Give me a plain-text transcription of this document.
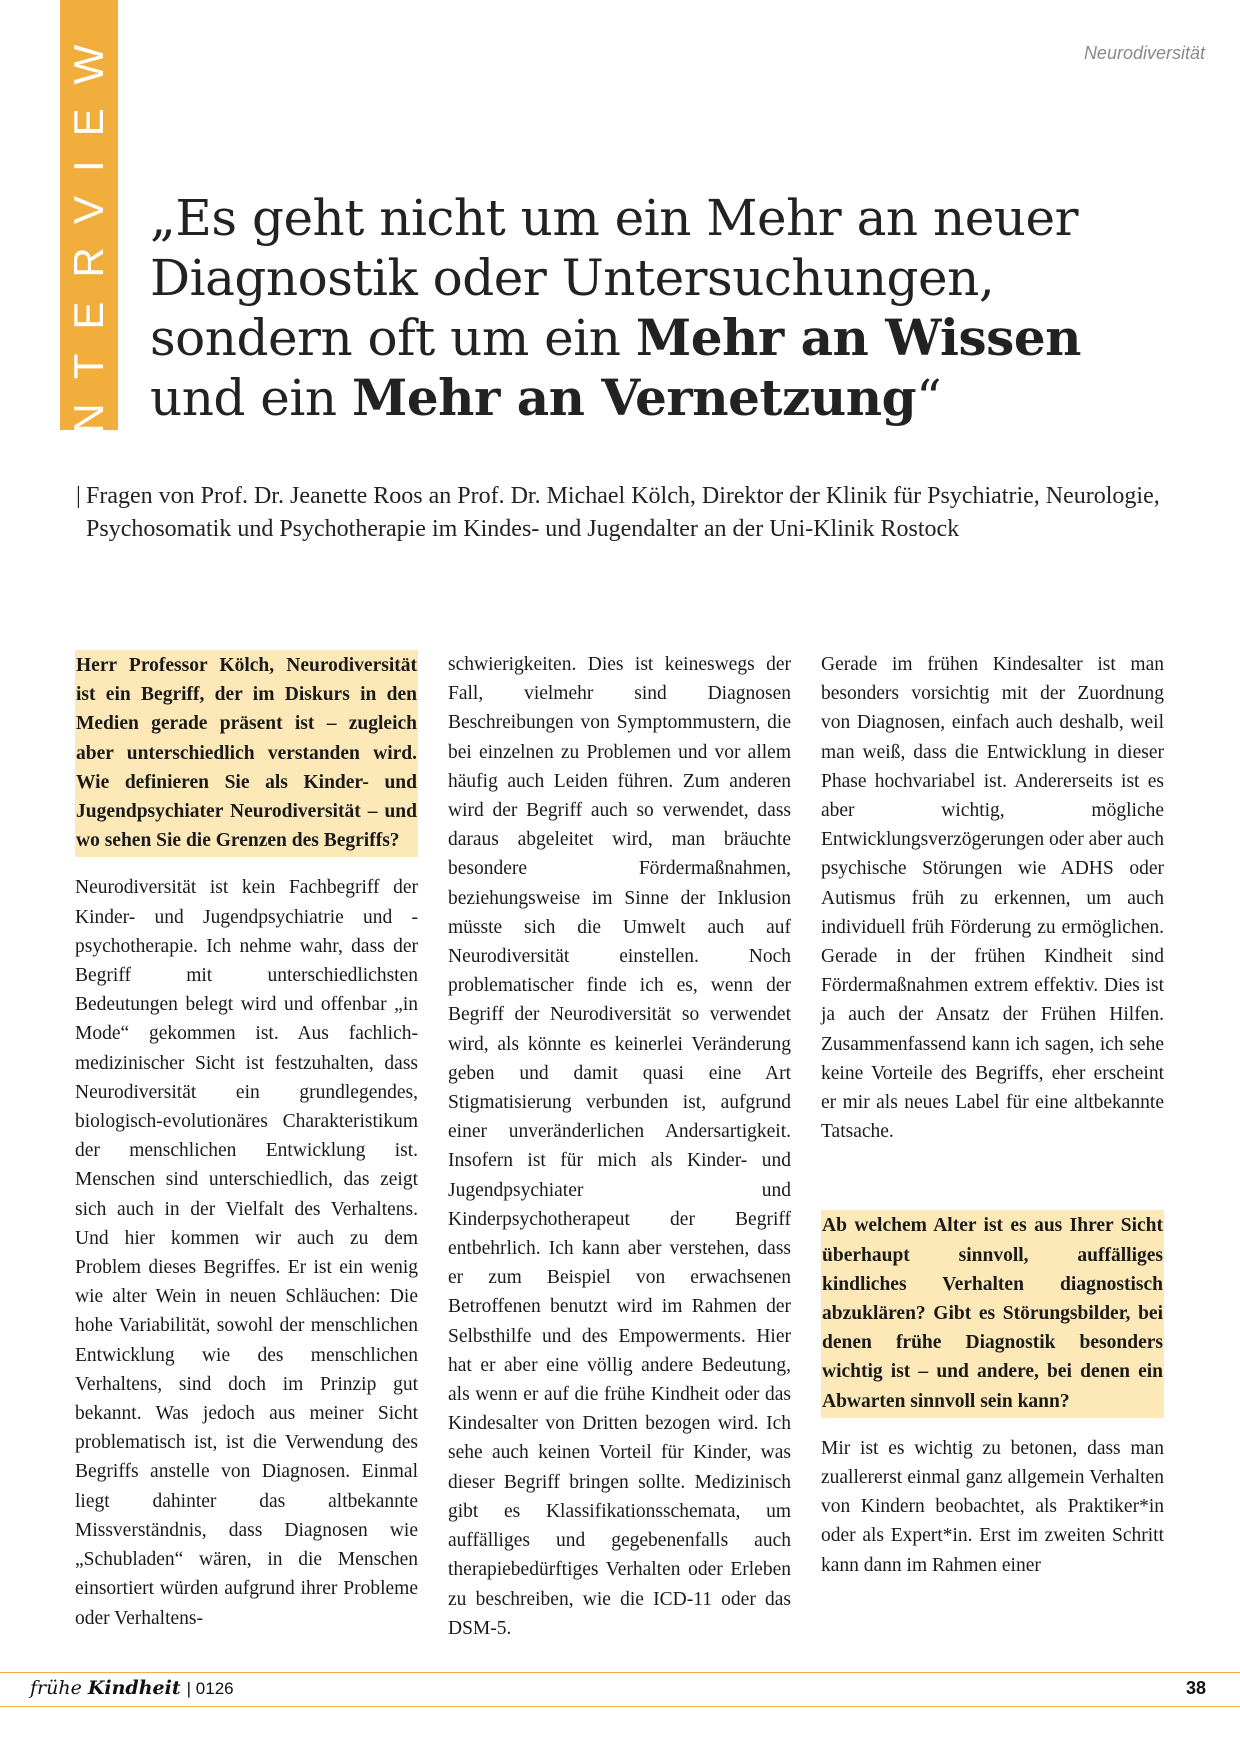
INTERVIEW	Neurodiversität
„Es geht nicht um ein Mehr an neuer Diagnostik oder Untersuchungen, sondern oft um ein Mehr an Wissen und ein Mehr an Vernetzung“
| Fragen von Prof. Dr. Jeanette Roos an Prof. Dr. Michael Kölch, Direktor der Klinik für Psychiatrie, Neurologie, Psychosomatik und Psychotherapie im Kindes- und Jugendalter an der Uni-Klinik Rostock

Herr Professor Kölch, Neurodiversität ist ein Begriff, der im Diskurs in den Medien gerade präsent ist – zugleich aber unterschiedlich verstanden wird. Wie definieren Sie als Kinder- und Jugendpsychiater Neurodiversität – und wo sehen Sie die Grenzen des Begriffs?

Neurodiversität ist kein Fachbegriff der Kinder- und Jugendpsychiatrie und -psychotherapie. Ich nehme wahr, dass der Begriff mit unterschiedlichsten Bedeutungen belegt wird und offenbar „in Mode“ gekommen ist. Aus fachlich-medizinischer Sicht ist festzuhalten, dass Neurodiversität ein grundlegendes, biologisch-evolutionäres Charakteristikum der menschlichen Entwicklung ist. Menschen sind unterschiedlich, das zeigt sich auch in der Vielfalt des Verhaltens. Und hier kommen wir auch zu dem Problem dieses Begriffes. Er ist ein wenig wie alter Wein in neuen Schläuchen: Die hohe Variabilität, sowohl der menschlichen Entwicklung wie des menschlichen Verhaltens, sind doch im Prinzip gut bekannt. Was jedoch aus meiner Sicht problematisch ist, ist die Verwendung des Begriffs anstelle von Diagnosen. Einmal liegt dahinter das altbekannte Missverständnis, dass Diagnosen wie „Schubladen“ wären, in die Menschen einsortiert würden aufgrund ihrer Probleme oder Verhaltens-

schwierigkeiten. Dies ist keineswegs der Fall, vielmehr sind Diagnosen Beschreibungen von Symptommustern, die bei einzelnen zu Problemen und vor allem häufig auch Leiden führen. Zum anderen wird der Begriff auch so verwendet, dass daraus abgeleitet wird, man bräuchte besondere Fördermaßnahmen, beziehungsweise im Sinne der Inklusion müsste sich die Umwelt auch auf Neurodiversität einstellen. Noch problematischer finde ich es, wenn der Begriff der Neurodiversität so verwendet wird, als könnte es keinerlei Veränderung geben und damit quasi eine Art Stigmatisierung verbunden ist, aufgrund einer unveränderlichen Andersartigkeit. Insofern ist für mich als Kinder- und Jugendpsychiater und Kinderpsychotherapeut der Begriff entbehrlich. Ich kann aber verstehen, dass er zum Beispiel von erwachsenen Betroffenen benutzt wird im Rahmen der Selbsthilfe und des Empowerments. Hier hat er aber eine völlig andere Bedeutung, als wenn er auf die frühe Kindheit oder das Kindesalter von Dritten bezogen wird. Ich sehe auch keinen Vorteil für Kinder, was dieser Begriff bringen sollte. Medizinisch gibt es Klassifikationsschemata, um auffälliges und gegebenenfalls auch therapiebedürftiges Verhalten oder Erleben zu beschreiben, wie die ICD-11 oder das DSM-5.

Gerade im frühen Kindesalter ist man besonders vorsichtig mit der Zuordnung von Diagnosen, einfach auch deshalb, weil man weiß, dass die Entwicklung in dieser Phase hochvariabel ist. Andererseits ist es aber wichtig, mögliche Entwicklungsverzögerungen oder aber auch psychische Störungen wie ADHS oder Autismus früh zu erkennen, um auch individuell früh Förderung zu ermöglichen. Gerade in der frühen Kindheit sind Fördermaßnahmen extrem effektiv. Dies ist ja auch der Ansatz der Frühen Hilfen. Zusammenfassend kann ich sagen, ich sehe keine Vorteile des Begriffs, eher erscheint er mir als neues Label für eine altbekannte Tatsache.

Ab welchem Alter ist es aus Ihrer Sicht überhaupt sinnvoll, auffälliges kindliches Verhalten diagnostisch abzuklären? Gibt es Störungsbilder, bei denen frühe Diagnostik besonders wichtig ist – und andere, bei denen ein Abwarten sinnvoll sein kann?

Mir ist es wichtig zu betonen, dass man zuallererst einmal ganz allgemein Verhalten von Kindern beobachtet, als Praktiker*in oder als Expert*in. Erst im zweiten Schritt kann dann im Rahmen einer

frühe Kindheit | 0126	38
